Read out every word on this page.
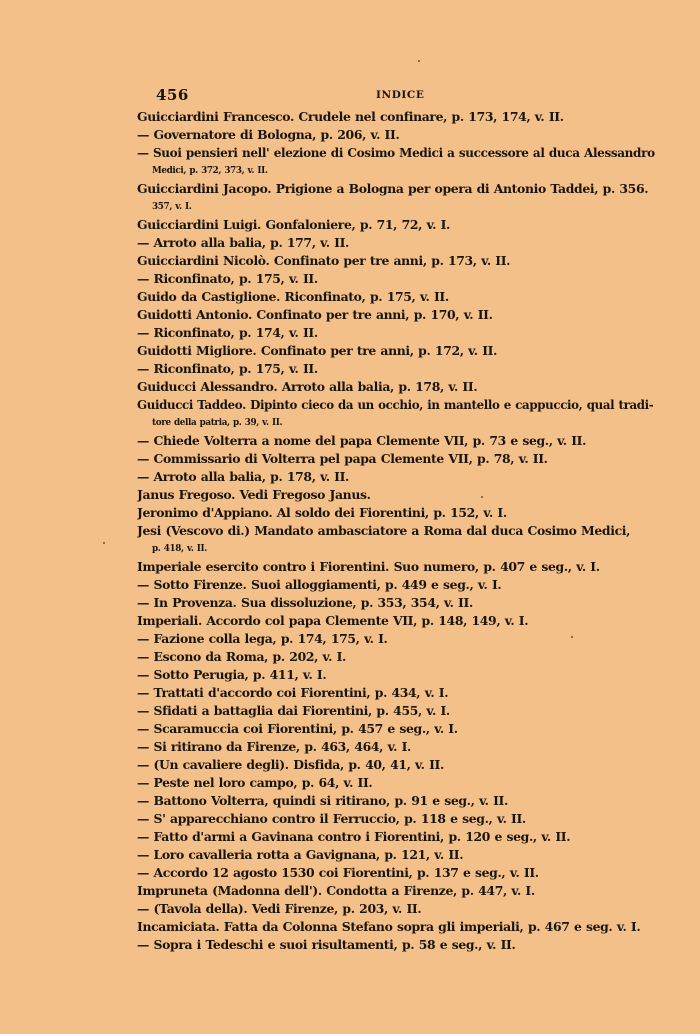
456	INDICE
Guicciardini Francesco. Crudele nel confinare, p. 173, 174, v. II.
— Governatore di Bologna, p. 206, v. II.
— Suoi pensieri nell' elezione di Cosimo Medici a successore al duca Alessandro
Medici, p. 372, 373, v. II.
Guicciardini Jacopo. Prigione a Bologna per opera di Antonio Taddei, p. 356.
357, v. I.
Guicciardini Luigi. Gonfaloniere, p. 71, 72, v. I.
— Arroto alla balia, p. 177, v. II.
Guicciardini Nicolò. Confinato per tre anni, p. 173, v. II.
— Riconfinato, p. 175, v. II.
Guido da Castiglione. Riconfinato, p. 175, v. II.
Guidotti Antonio. Confinato per tre anni, p. 170, v. II.
— Riconfinato, p. 174, v. II.
Guidotti Migliore. Confinato per tre anni, p. 172, v. II.
— Riconfinato, p. 175, v. II.
Guiducci Alessandro. Arroto alla balia, p. 178, v. II.
Guiducci Taddeo. Dipinto cieco da un occhio, in mantello e cappuccio, qual tradi-
tore della patria, p. 39, v. II.
— Chiede Volterra a nome del papa Clemente VII, p. 73 e seg., v. II.
— Commissario di Volterra pel papa Clemente VII, p. 78, v. II.
— Arroto alla balia, p. 178, v. II.
Janus Fregoso. Vedi Fregoso Janus.
Jeronimo d'Appiano. Al soldo dei Fiorentini, p. 152, v. I.
Jesi (Vescovo di.) Mandato ambasciatore a Roma dal duca Cosimo Medici,
p. 418, v. II.
Imperiale esercito contro i Fiorentini. Suo numero, p. 407 e seg., v. I.
— Sotto Firenze. Suoi alloggiamenti, p. 449 e seg., v. I.
— In Provenza. Sua dissoluzione, p. 353, 354, v. II.
Imperiali. Accordo col papa Clemente VII, p. 148, 149, v. I.
— Fazione colla lega, p. 174, 175, v. I.
— Escono da Roma, p. 202, v. I.
— Sotto Perugia, p. 411, v. I.
— Trattati d'accordo coi Fiorentini, p. 434, v. I.
— Sfidati a battaglia dai Fiorentini, p. 455, v. I.
— Scaramuccia coi Fiorentini, p. 457 e seg., v. I.
— Si ritirano da Firenze, p. 463, 464, v. I.
— (Un cavaliere degli). Disfida, p. 40, 41, v. II.
— Peste nel loro campo, p. 64, v. II.
— Battono Volterra, quindi si ritirano, p. 91 e seg., v. II.
— S' apparecchiano contro il Ferruccio, p. 118 e seg., v. II.
— Fatto d'armi a Gavinana contro i Fiorentini, p. 120 e seg., v. II.
— Loro cavalleria rotta a Gavignana, p. 121, v. II.
— Accordo 12 agosto 1530 coi Fiorentini, p. 137 e seg., v. II.
Impruneta (Madonna dell'). Condotta a Firenze, p. 447, v. I.
— (Tavola della). Vedi Firenze, p. 203, v. II.
Incamiciata. Fatta da Colonna Stefano sopra gli imperiali, p. 467 e seg. v. I.
— Sopra i Tedeschi e suoi risultamenti, p. 58 e seg., v. II.
